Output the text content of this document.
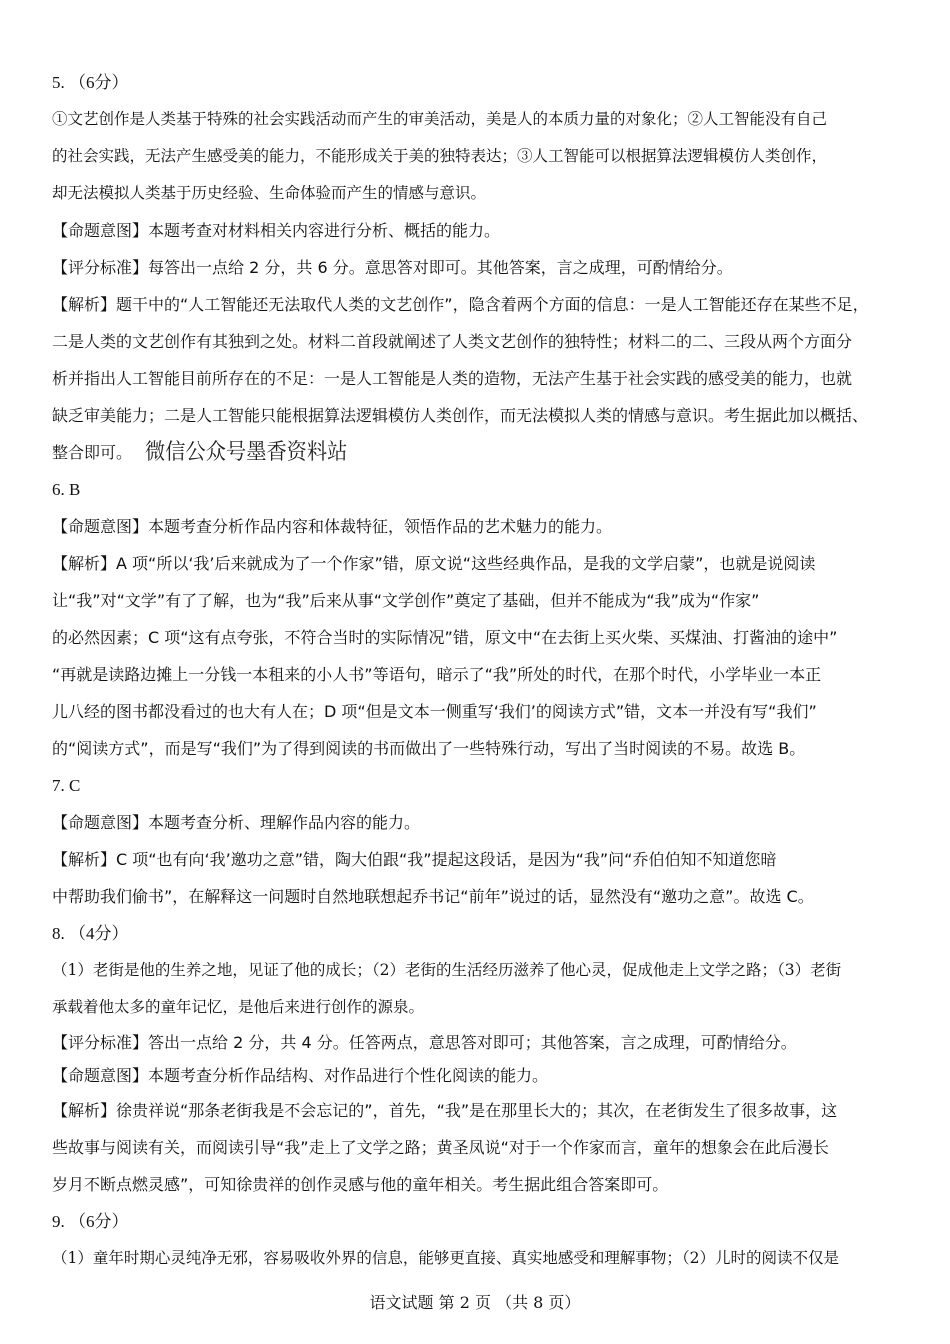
5. （6分）
①文艺创作是人类基于特殊的社会实践活动而产生的审美活动，美是人的本质力量的对象化；②人工智能没有自己
的社会实践，无法产生感受美的能力，不能形成关于美的独特表达；③人工智能可以根据算法逻辑模仿人类创作，
却无法模拟人类基于历史经验、生命体验而产生的情感与意识。
【命题意图】本题考查对材料相关内容进行分析、概括的能力。
【评分标准】每答出一点给 2 分，共 6 分。意思答对即可。其他答案，言之成理，可酌情给分。
【解析】题干中的“人工智能还无法取代人类的文艺创作”，隐含着两个方面的信息：一是人工智能还存在某些不足，
二是人类的文艺创作有其独到之处。材料二首段就阐述了人类文艺创作的独特性；材料二的二、三段从两个方面分
析并指出人工智能目前所存在的不足：一是人工智能是人类的造物，无法产生基于社会实践的感受美的能力，也就
缺乏审美能力；二是人工智能只能根据算法逻辑模仿人类创作，而无法模拟人类的情感与意识。考生据此加以概括、
整合即可。 微信公众号墨香资料站
6. B
【命题意图】本题考查分析作品内容和体裁特征，领悟作品的艺术魅力的能力。
【解析】A 项“所以‘我’后来就成为了一个作家”错，原文说“这些经典作品，是我的文学启蒙”，也就是说阅读
让“我”对“文学”有了了解，也为“我”后来从事“文学创作”奠定了基础，但并不能成为“我”成为“作家”
的必然因素；C 项“这有点夸张，不符合当时的实际情况”错，原文中“在去街上买火柴、买煤油、打酱油的途中”
“再就是读路边摊上一分钱一本租来的小人书”等语句，暗示了“我”所处的时代，在那个时代，小学毕业一本正
儿八经的图书都没看过的也大有人在；D 项“但是文本一侧重写‘我们’的阅读方式”错，文本一并没有写“我们”
的“阅读方式”，而是写“我们”为了得到阅读的书而做出了一些特殊行动，写出了当时阅读的不易。故选 B。
7. C
【命题意图】本题考查分析、理解作品内容的能力。
【解析】C 项“也有向‘我’邀功之意”错，陶大伯跟“我”提起这段话，是因为“我”问“乔伯伯知不知道您暗
中帮助我们偷书”，在解释这一问题时自然地联想起乔书记“前年”说过的话，显然没有“邀功之意”。故选 C。
8. （4分）
（1）老街是他的生养之地，见证了他的成长；（2）老街的生活经历滋养了他心灵，促成他走上文学之路；（3）老街
承载着他太多的童年记忆，是他后来进行创作的源泉。
【评分标准】答出一点给 2 分，共 4 分。任答两点，意思答对即可；其他答案，言之成理，可酌情给分。
【命题意图】本题考查分析作品结构、对作品进行个性化阅读的能力。
【解析】徐贵祥说“那条老街我是不会忘记的”，首先，“我”是在那里长大的；其次，在老街发生了很多故事，这
些故事与阅读有关，而阅读引导“我”走上了文学之路；黄圣凤说“对于一个作家而言，童年的想象会在此后漫长
岁月不断点燃灵感”，可知徐贵祥的创作灵感与他的童年相关。考生据此组合答案即可。
9. （6分）
（1）童年时期心灵纯净无邪，容易吸收外界的信息，能够更直接、真实地感受和理解事物；（2）儿时的阅读不仅是
语文试题 第 2 页 （共 8 页）
